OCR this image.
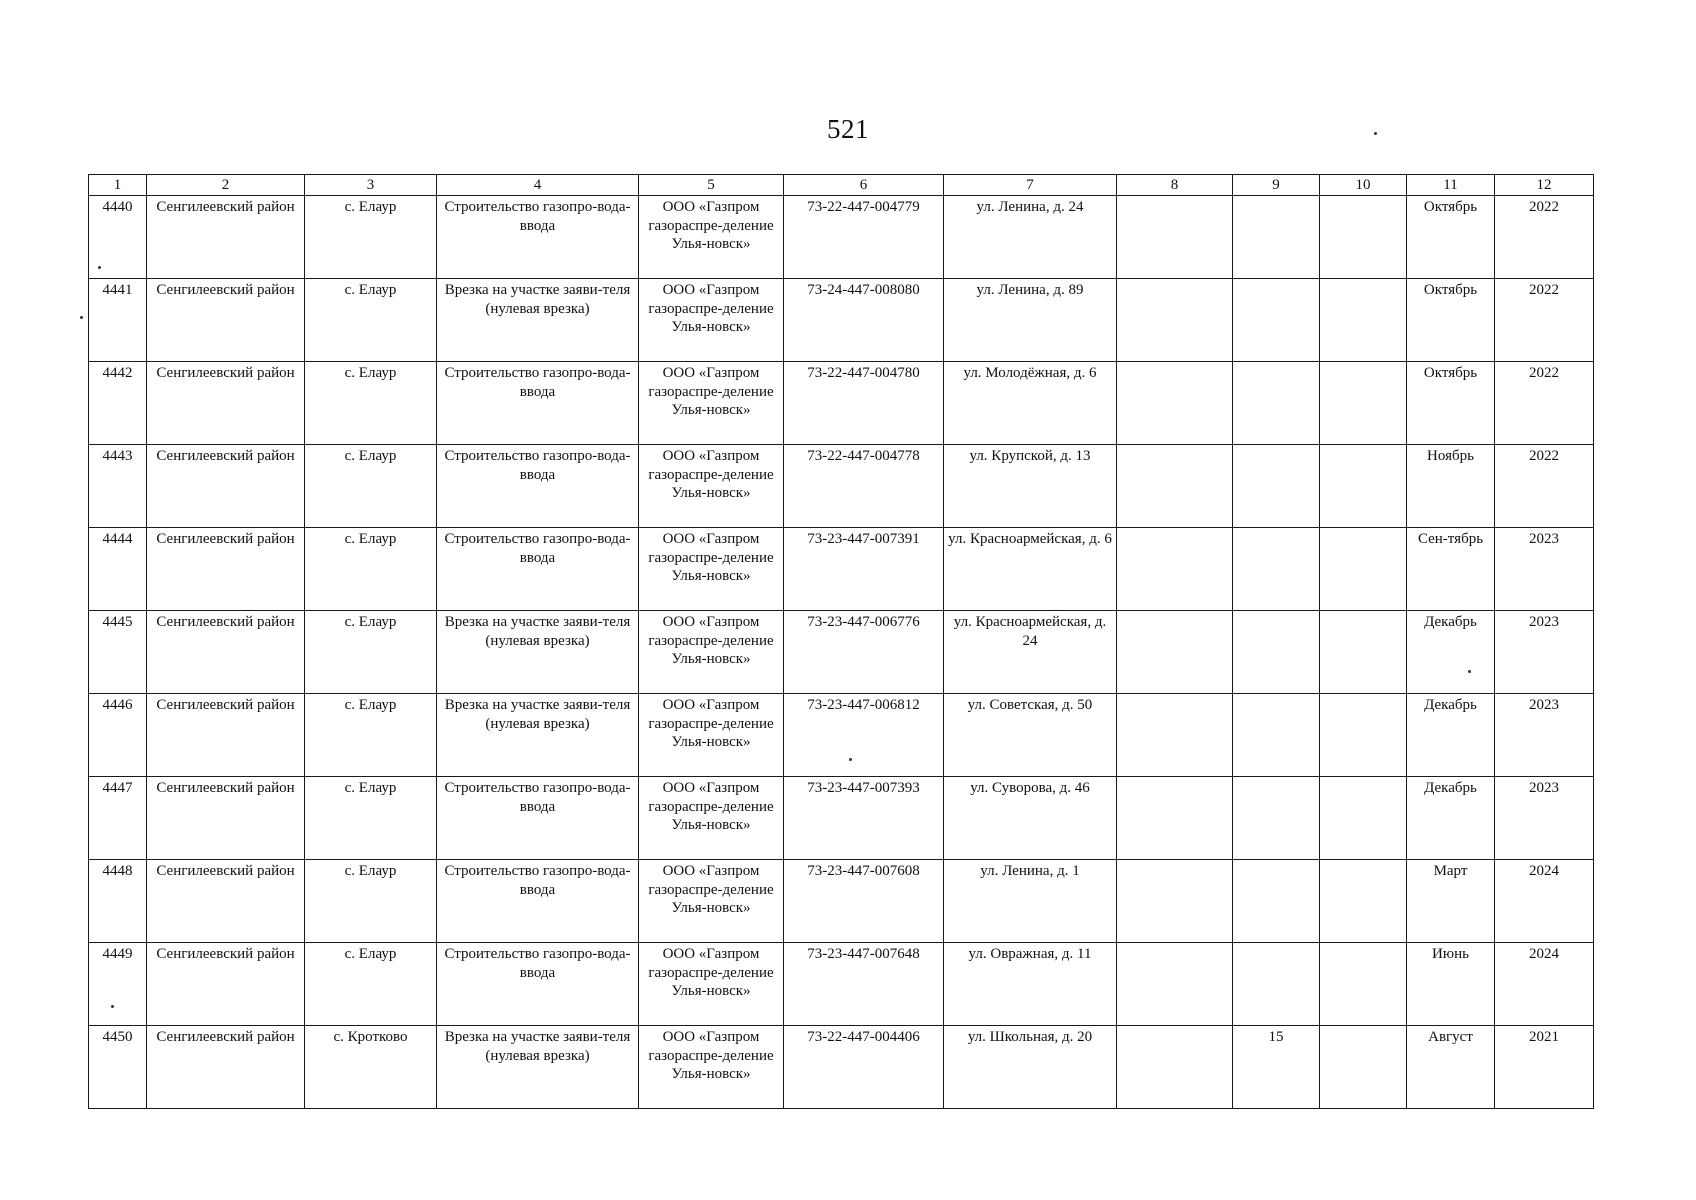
521
1	2	3	4	5	6	7	8	9	10	11	12
4440	Сенгилеевский район	с. Елаур	Строительство газопро-вода-ввода	ООО «Газпром газораспре-деление Улья-новск»	73-22-447-004779	ул. Ленина, д. 24				Октябрь	2022
4441	Сенгилеевский район	с. Елаур	Врезка на участке заяви-теля (нулевая врезка)	ООО «Газпром газораспре-деление Улья-новск»	73-24-447-008080	ул. Ленина, д. 89				Октябрь	2022
4442	Сенгилеевский район	с. Елаур	Строительство газопро-вода-ввода	ООО «Газпром газораспре-деление Улья-новск»	73-22-447-004780	ул. Молодёжная, д. 6				Октябрь	2022
4443	Сенгилеевский район	с. Елаур	Строительство газопро-вода-ввода	ООО «Газпром газораспре-деление Улья-новск»	73-22-447-004778	ул. Крупской, д. 13				Ноябрь	2022
4444	Сенгилеевский район	с. Елаур	Строительство газопро-вода-ввода	ООО «Газпром газораспре-деление Улья-новск»	73-23-447-007391	ул. Красноармейская, д. 6				Сен-тябрь	2023
4445	Сенгилеевский район	с. Елаур	Врезка на участке заяви-теля (нулевая врезка)	ООО «Газпром газораспре-деление Улья-новск»	73-23-447-006776	ул. Красноармейская, д. 24				Декабрь	2023
4446	Сенгилеевский район	с. Елаур	Врезка на участке заяви-теля (нулевая врезка)	ООО «Газпром газораспре-деление Улья-новск»	73-23-447-006812	ул. Советская, д. 50				Декабрь	2023
4447	Сенгилеевский район	с. Елаур	Строительство газопро-вода-ввода	ООО «Газпром газораспре-деление Улья-новск»	73-23-447-007393	ул. Суворова, д. 46				Декабрь	2023
4448	Сенгилеевский район	с. Елаур	Строительство газопро-вода-ввода	ООО «Газпром газораспре-деление Улья-новск»	73-23-447-007608	ул. Ленина, д. 1				Март	2024
4449	Сенгилеевский район	с. Елаур	Строительство газопро-вода-ввода	ООО «Газпром газораспре-деление Улья-новск»	73-23-447-007648	ул. Овражная, д. 11				Июнь	2024
4450	Сенгилеевский район	с. Кротково	Врезка на участке заяви-теля (нулевая врезка)	ООО «Газпром газораспре-деление Улья-новск»	73-22-447-004406	ул. Школьная, д. 20		15		Август	2021
